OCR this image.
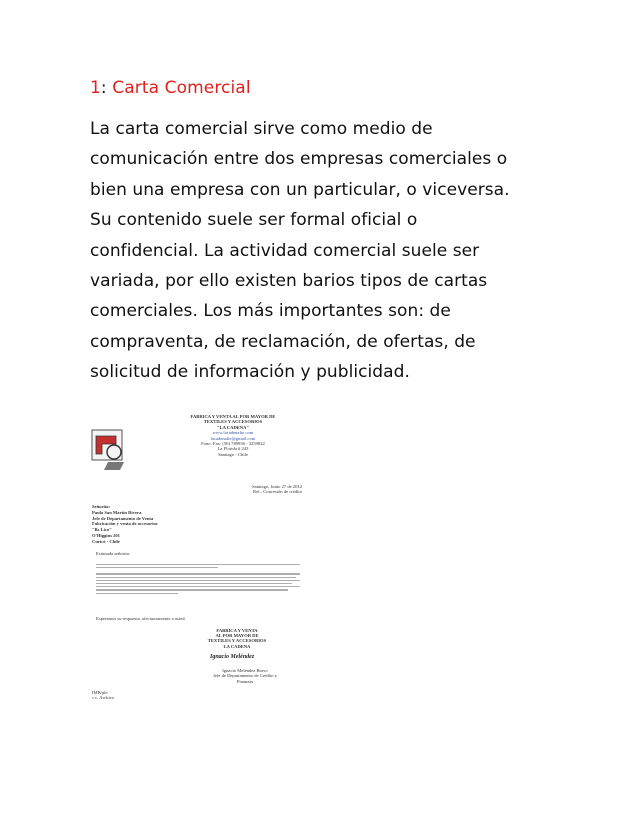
1: Carta Comercial
La carta comercial sirve como medio de
comunicación entre dos empresas comerciales o
bien una empresa con un particular, o viceversa.
Su contenido suele ser formal oficial o
confidencial. La actividad comercial suele ser
variada, por ello existen barios tipos de cartas
comerciales. Los más importantes son: de
compraventa, de reclamación, de ofertas, de
solicitud de información y publicidad.
FABRICA Y VENTA AL POR MAYOR DE
TEXTILES Y ACCESORIOS
"LA CADENA"
www.lacadenafte.com
lacadenafte@gmail.com
Fono: Fax: (56) 789956 - 3259822
La Florida # 243
Santiago - Chile
Santiago, Junio 27 de 2012
Ref.: Concesión de crédito
Señorita:
Paula San Martín Rivera
Jefe de Departamento de Venta
Fabricación y venta de accesorios
"Bs Lico"
O'Higgins 201
Curicó - Chile
Estimada señorita:
Esperamos su respuesta, afectuosamente a usted.
FABRICA Y VENTA
AL POR MAYOR DE
TEXTILES Y ACCESORIOS
LA CADENA
Ignacio Meléndez
Ignacio Meléndez Bravo
Jefe de Departamento de Crédito y
Finanzas
IMB/ple
c.c. Archivo
